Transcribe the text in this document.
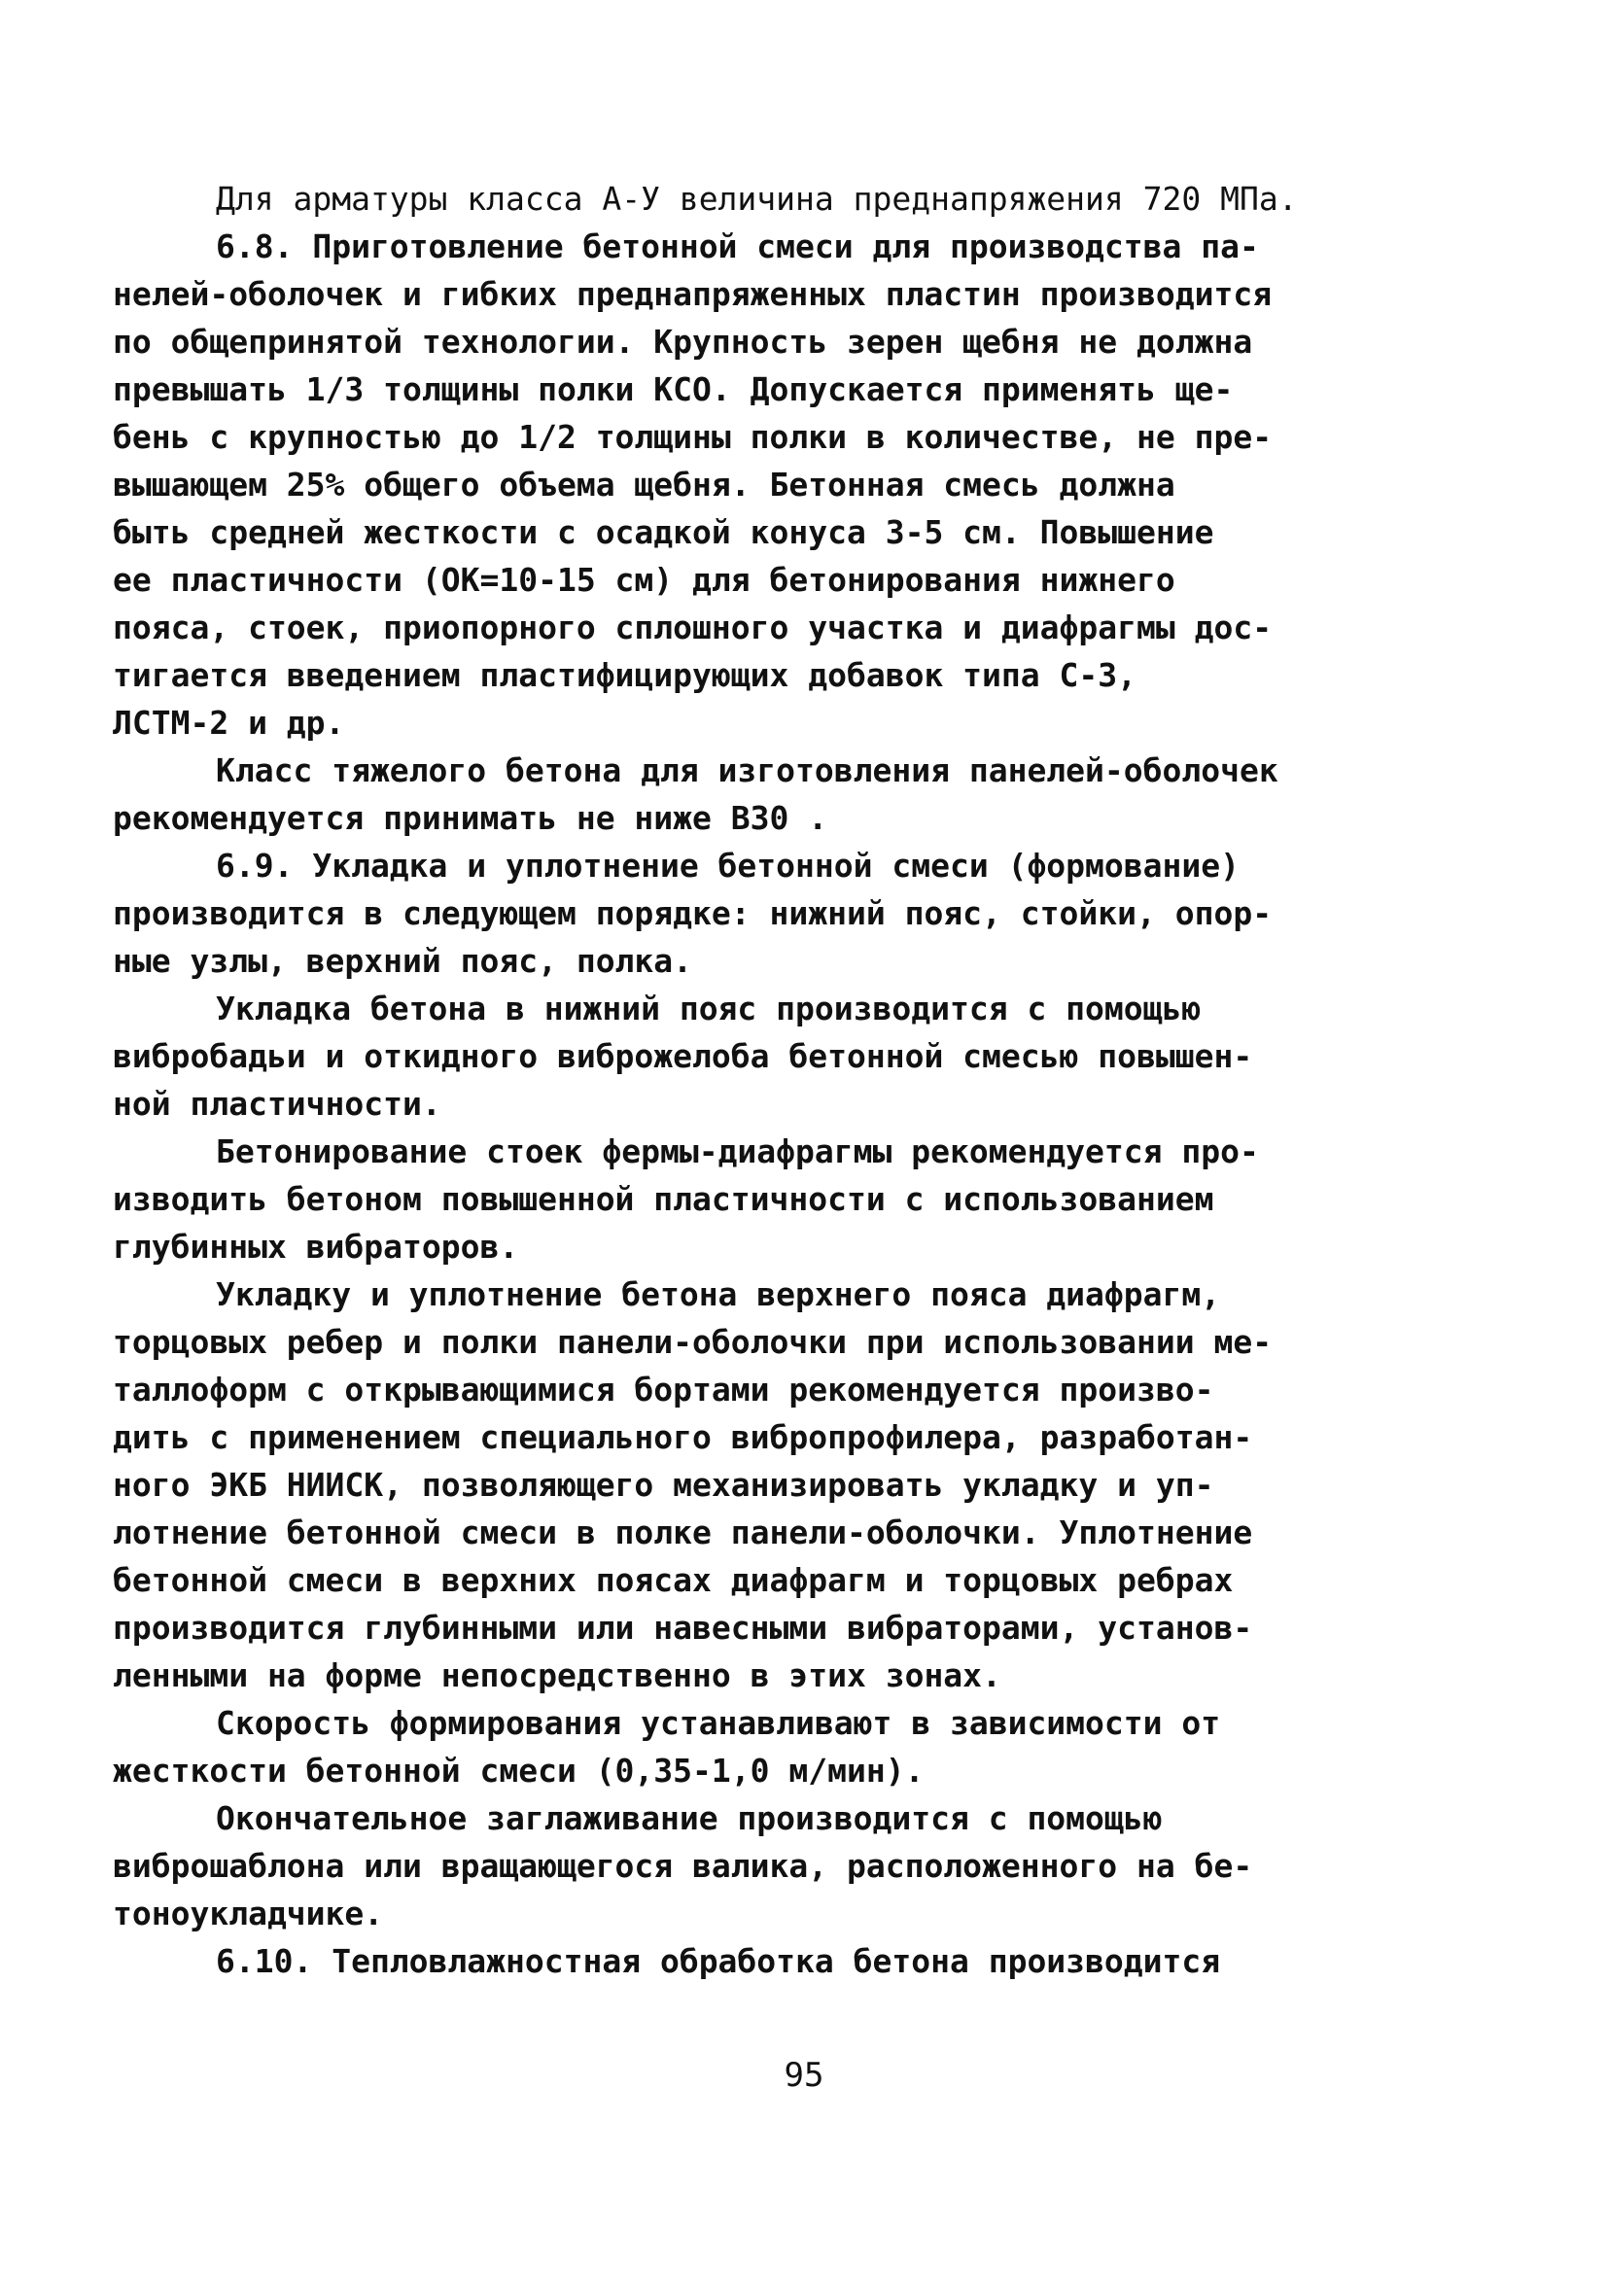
Для арматуры класса А-У величина преднапряжения 720 МПа.
6.8. Приготовление бетонной смеси для производства па-
нелей-оболочек и гибких преднапряженных пластин производится
по общепринятой технологии. Крупность зерен щебня не должна
превышать 1/3 толщины полки КСО. Допускается применять ще-
бень с крупностью до 1/2 толщины полки в количестве, не пре-
вышающем 25% общего объема щебня. Бетонная смесь должна
быть средней жесткости с осадкой конуса 3-5 см. Повышение
ее пластичности (ОК=10-15 см) для бетонирования нижнего
пояса, стоек, приопорного сплошного участка и диафрагмы дос-
тигается введением пластифицирующих добавок типа С-3,
ЛСТМ-2 и др.
Класс тяжелого бетона для изготовления панелей-оболочек
рекомендуется принимать не ниже В30 .
6.9. Укладка и уплотнение бетонной смеси (формование)
производится в следующем порядке: нижний пояс, стойки, опор-
ные узлы, верхний пояс, полка.
Укладка бетона в нижний пояс производится с помощью
вибробадьи и откидного виброжелоба бетонной смесью повышен-
ной пластичности.
Бетонирование стоек фермы-диафрагмы рекомендуется про-
изводить бетоном повышенной пластичности с использованием
глубинных вибраторов.
Укладку и уплотнение бетона верхнего пояса диафрагм,
торцовых ребер и полки панели-оболочки при использовании ме-
таллоформ с открывающимися бортами рекомендуется произво-
дить с применением специального вибропрофилера, разработан-
ного ЭКБ НИИСК, позволяющего механизировать укладку и уп-
лотнение бетонной смеси в полке панели-оболочки. Уплотнение
бетонной смеси в верхних поясах диафрагм и торцовых ребрах
производится глубинными или навесными вибраторами, установ-
ленными на форме непосредственно в этих зонах.
Скорость формирования устанавливают в зависимости от
жесткости бетонной смеси (0,35-1,0 м/мин).
Окончательное заглаживание производится с помощью
виброшаблона или вращающегося валика, расположенного на бе-
тоноукладчике.
6.10. Тепловлажностная обработка бетона производится
95
